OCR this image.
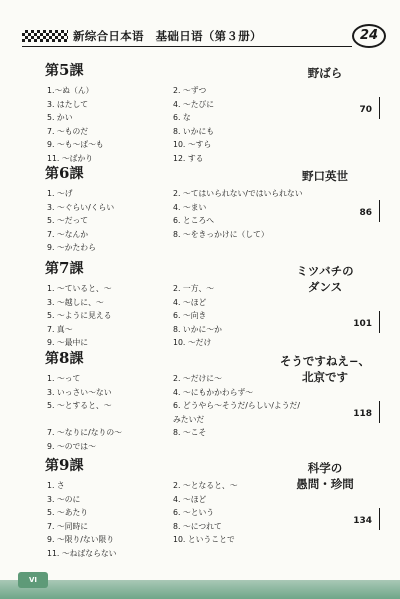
新综合日本语　基础日语（第３册）	24
第5課
1.〜ぬ（ん）
3. はたして
5. かい
7. 〜ものだ
9. 〜も〜ば〜も
11. 〜ばかり
2. 〜ずつ
4. 〜たびに
6. な
8. いかにも
10. 〜すら
12. する
野ばら
70
第6課
1. 〜げ
3. 〜ぐらい/くらい
5. 〜だって
7. 〜なんか
9. 〜かたわら
2. 〜てはいられない/ではいられない
4. 〜まい
6. ところへ
8. 〜をきっかけに（して）
野口英世
86
第7課
1. 〜ていると、〜
3. 〜越しに、〜
5. 〜ように見える
7. 真〜
9. 〜最中に
2. 一方、〜
4. 〜ほど
6. 〜向き
8. いかに〜か
10. 〜だけ
ミツバチの
ダンス
101
第8課
1. 〜って
3. いっさい〜ない
5. 〜とすると、〜

7. 〜なりに/なりの〜
9. 〜のでは〜
2. 〜だけに〜
4. 〜にもかかわらず〜
6. どうやら〜そうだ/らしい/ようだ/
みたいだ
8. 〜こそ

そうですねえ−、
北京です
118
第9課
1. さ
3. 〜のに
5. 〜あたり
7. 〜同時に
9. 〜限り/ない限り
11. 〜ねばならない
2. 〜となると、〜
4. 〜ほど
6. 〜という
8. 〜につれて
10. ということで

科学の
愚問・珍問
134
VI
